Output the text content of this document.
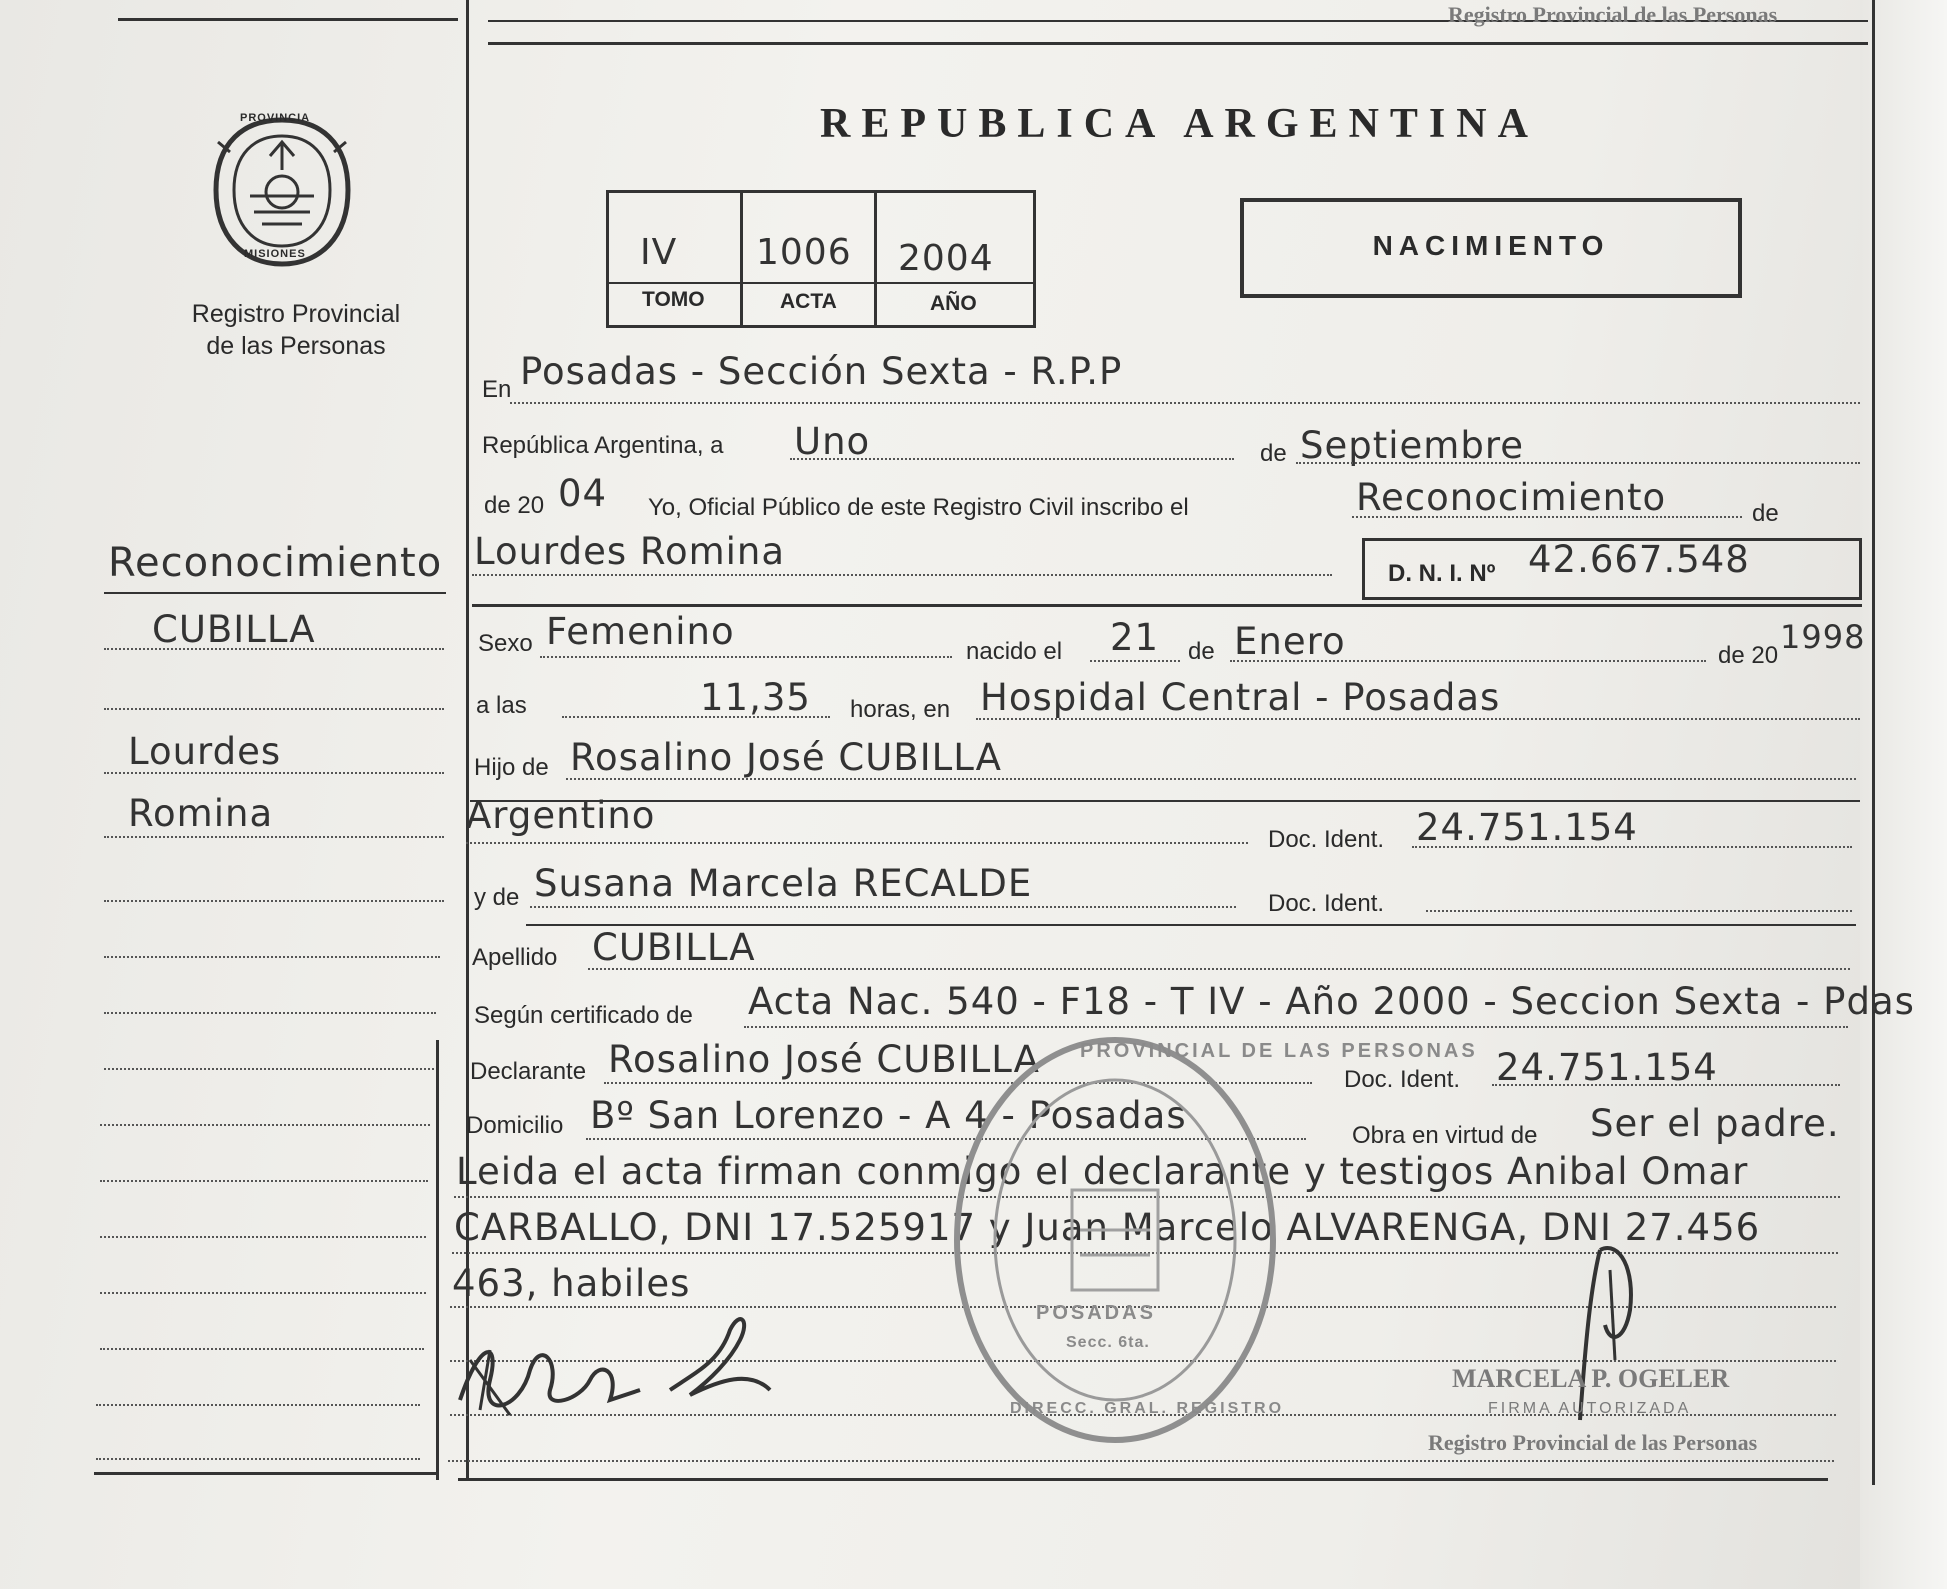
Registro Provincial de las Personas
PROVINCIA
MISIONES
Registro Provincial
de las Personas
REPUBLICA ARGENTINA
IV 1006 2004
TOMO	ACTA	AÑO
NACIMIENTO
Reconocimiento
CUBILLA
Lourdes
Romina
En Posadas - Sección Sexta - R.P.P
República Argentina, a Uno	de Septiembre
de 20 04 Yo, Oficial Público de este Registro Civil inscribo el	Reconocimiento	de
Lourdes Romina
D. N. I. Nº 42.667.548
Sexo Femenino	nacido el 21 de Enero	de 20 1998
a las	11,35 horas, en Hospidal Central - Posadas
Hijo de Rosalino José CUBILLA
Argentino
Doc. Ident. 24.751.154
y de Susana Marcela RECALDE	Doc. Ident.
Apellido CUBILLA
Según certificado de Acta Nac. 540 - F18 - T IV - Año 2000 - Seccion Sexta - Pdas
Declarante Rosalino José CUBILLA	Doc. Ident. 24.751.154
Domicilio Bº San Lorenzo - A 4 - Posadas	Obra en virtud de Ser el padre.
Leida el acta firman conmigo el declarante y testigos Anibal Omar
CARBALLO, DNI 17.525917 y Juan Marcelo ALVARENGA, DNI 27.456
463, habiles
PROVINCIAL DE LAS PERSONAS
DIRECC. GRAL. REGISTRO
POSADAS
Secc. 6ta.
MARCELA P. OGELER
FIRMA AUTORIZADA
Registro Provincial de las Personas
